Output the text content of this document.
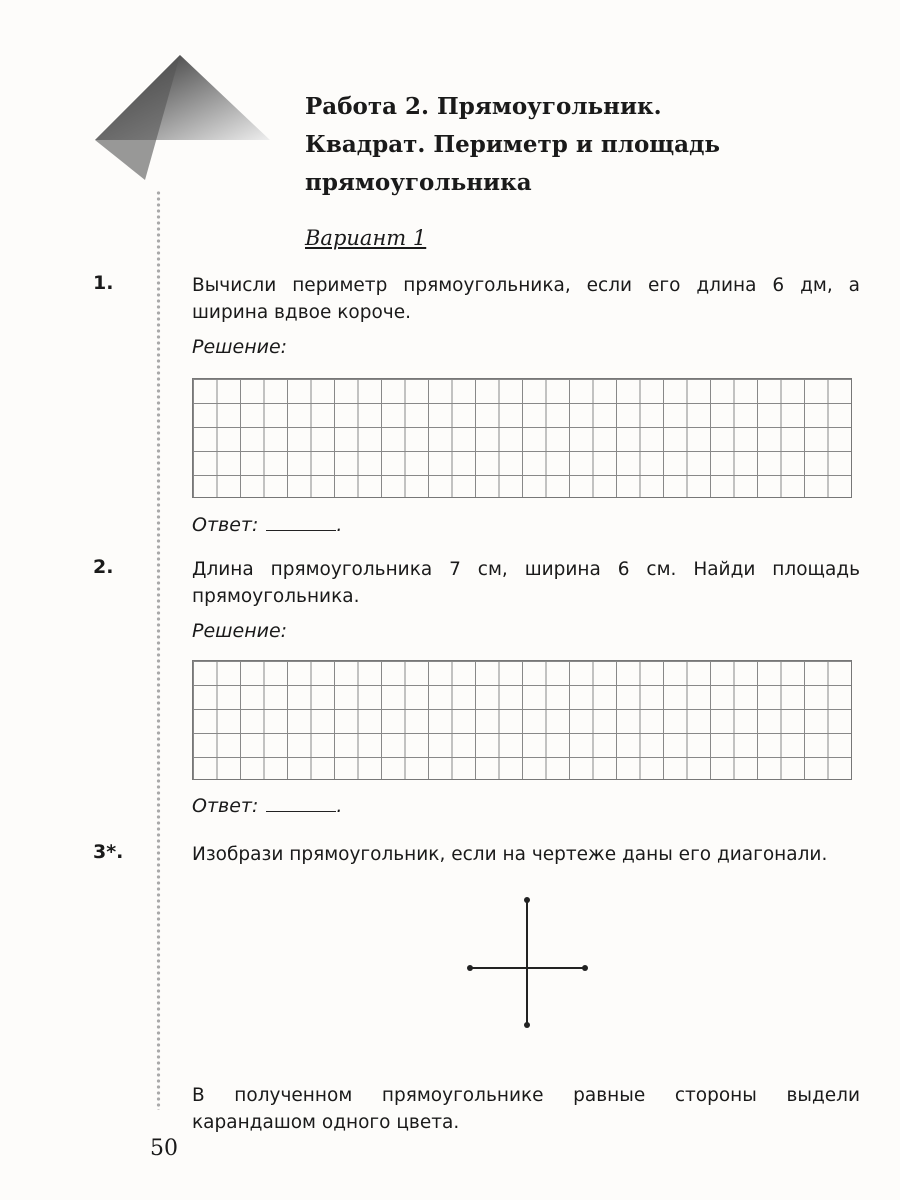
Работа 2. Прямоугольник.
Квадрат. Периметр и площадь
прямоугольника
Вариант 1
1.	Вычисли периметр прямоугольника, если его длина 6 дм, а ширина вдвое короче.
Решение:
Ответ:	.
2.	Длина прямоугольника 7 см, ширина 6 см. Найди площадь прямоугольника.
Решение:
Ответ:	.
3*.	Изобрази прямоугольник, если на чертеже даны его диагонали.
В полученном прямоугольнике равные стороны выдели карандашом одного цвета.
50
